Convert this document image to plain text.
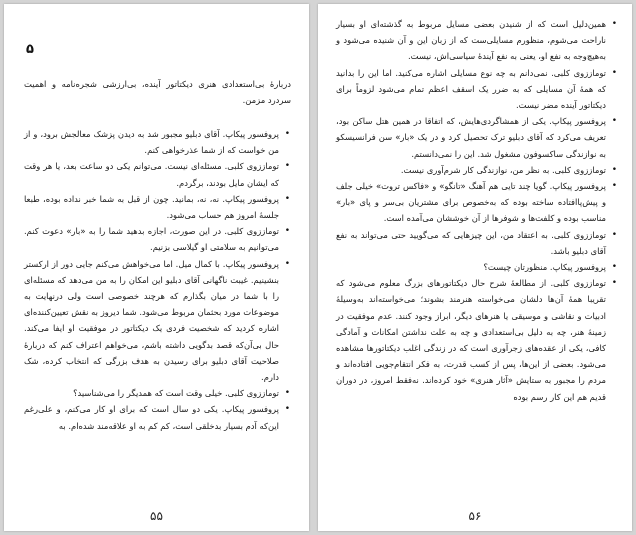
۵

دربارهٔ بی‌استعدادی هنری دیکتاتور آینده، بی‌ارزشی شجره‌نامه و اهمیت سردرد مزمن.

• پروفسور پیکاپ. آقای دبلیو مجبور شد به دیدن پزشک معالجش برود، و از من خواست که از شما عذرخواهی کنم.
• توماززوی کلبی. مسئله‌ای نیست. می‌توانم یکی دو ساعت بعد، یا هر وقت که ایشان مایل بودند، برگردم.
• پروفسور پیکاپ. نه، نه، بمانید. چون از قبل به شما خبر نداده بوده، طبعا جلسهٔ امروز هم حساب می‌شود.
• توماززوی کلبی. در این صورت، اجازه بدهید شما را به «بار» دعوت کنم. می‌توانیم به سلامتی او گیلاسی بزنیم.
• پروفسور پیکاپ. با کمال میل. اما می‌خواهش می‌کنم جایی دور از ارکستر بنشینیم. غیبت ناگهانی آقای دبلیو این امکان را به من می‌دهد که مسئله‌ای را با شما در میان بگذارم که هرچند خصوصی است ولی درنهایت به موضوعات مورد بحثمان مربوط می‌شود. شما دیروز به نقش تعیین‌کننده‌ای اشاره کردید که شخصیت فردی یک دیکتاتور در موفقیت او ایفا می‌کند. حال بی‌آن‌که قصد بدگویی داشته باشم، می‌خواهم اعتراف کنم که دربارهٔ صلاحیت آقای دبلیو برای رسیدن به هدف بزرگی که انتخاب کرده، شک دارم.
• توماززوی کلبی. خیلی وقت است که همدیگر را می‌شناسید؟
• پروفسور پیکاپ. یکی دو سال است که برای او کار می‌کنم، و علی‌رغم این‌که آدم بسیار بدخلقی است، کم کم به او علاقه‌مند شده‌ام. به
۵۵
• همین‌دلیل است که از شنیدن بعضی مسایل مربوط به گذشته‌ای او بسیار ناراحت می‌شوم، منظورم مسایلی‌ست که از زبان این و آن شنیده می‌شود و به‌هیچ‌وجه به نفع او، یعنی به نفع آیندهٔ سیاسی‌اش، نیست.
• توماززوی کلبی. نمی‌دانم به چه نوع مسایلی اشاره می‌کنید. اما این را بدانید که همهٔ آن مسایلی که به ضرر یک اسقف اعظم تمام می‌شود لزوماً برای دیکتاتور آینده مضر نیست.
• پروفسور پیکاپ. یکی از همشاگردی‌هایش، که اتفاقا در همین هتل ساکن بود، تعریف می‌کرد که آقای دبلیو ترک تحصیل کرد و در یک «بار» سن فرانسیسکو به نوازندگی ساکسوفون مشغول شد. این را نمی‌دانستم.
• توماززوی کلبی. به نظر من، نوازندگی کار شرم‌آوری نیست.
• پروفسور پیکاپ. گویا چند تایی هم آهنگ «تانگو» و «فاکس تروت» خیلی جلف و پیش‌پاافتاده ساخته بوده که به‌خصوص برای مشتریان بی‌سر و پای «بار» مناسب بوده و کلفت‌ها و شوفرها از آن خوششان می‌آمده است.
• توماززوی کلبی. به اعتقاد من، این چیزهایی که می‌گویید حتی می‌تواند به نفع آقای دبلیو باشد.
• پروفسور پیکاپ. منظورتان چیست؟
• توماززوی کلبی. از مطالعهٔ شرح حال دیکتاتورهای بزرگ معلوم می‌شود که تقریبا همهٔ آن‌ها دلشان می‌خواسته هنرمند بشوند؛ می‌خواسته‌اند به‌وسیلهٔ ادبیات و نقاشی و موسیقی یا هنرهای دیگر، ابراز وجود کنند. عدم موفقیت در زمینهٔ هنر، چه به دلیل بی‌استعدادی و چه به علت نداشتن امکانات و آمادگی کافی، یکی از عقده‌های زجرآوری است که در زندگی اغلب دیکتاتورها مشاهده می‌شود. بعضی از این‌ها، پس از کسب قدرت، به فکر انتقام‌جویی افتاده‌اند و مردم را مجبور به ستایش «آثار هنری» خود کرده‌اند. نه‌فقط امروز، در دوران قدیم هم این کار رسم بوده
۵۶
